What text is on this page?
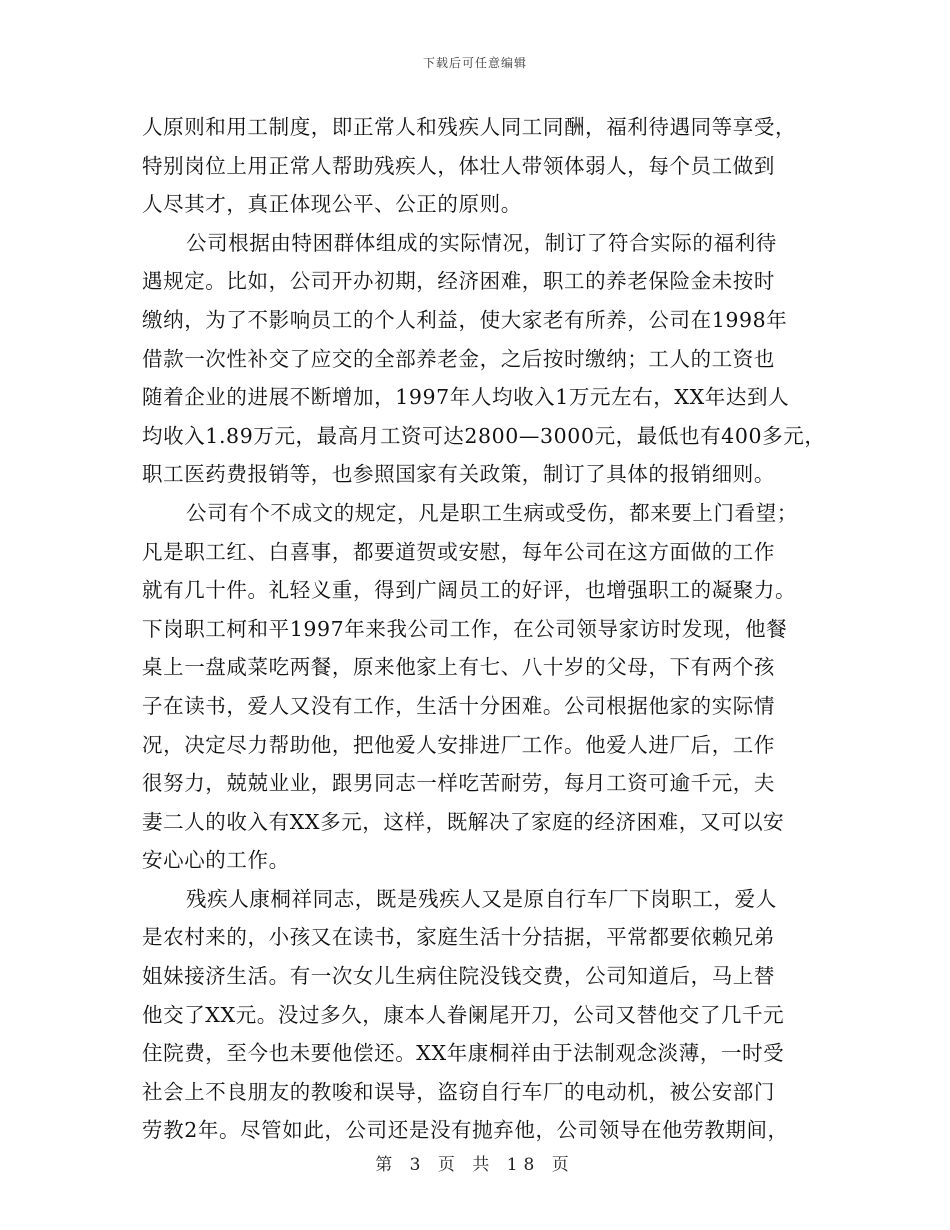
下载后可任意编辑
人原则和用工制度，即正常人和残疾人同工同酬，福利待遇同等享受，
特别岗位上用正常人帮助残疾人，体壮人带领体弱人，每个员工做到
人尽其才，真正体现公平、公正的原则。
公司根据由特困群体组成的实际情况，制订了符合实际的福利待
遇规定。比如，公司开办初期，经济困难，职工的养老保险金未按时
缴纳，为了不影响员工的个人利益，使大家老有所养，公司在1998年
借款一次性补交了应交的全部养老金，之后按时缴纳；工人的工资也
随着企业的进展不断增加，1997年人均收入1万元左右，XX年达到人
均收入1.89万元，最高月工资可达2800—3000元，最低也有400多元，
职工医药费报销等，也参照国家有关政策，制订了具体的报销细则。
公司有个不成文的规定，凡是职工生病或受伤，都来要上门看望；
凡是职工红、白喜事，都要道贺或安慰，每年公司在这方面做的工作
就有几十件。礼轻义重，得到广阔员工的好评，也增强职工的凝聚力。
下岗职工柯和平1997年来我公司工作，在公司领导家访时发现，他餐
桌上一盘咸菜吃两餐，原来他家上有七、八十岁的父母，下有两个孩
子在读书，爱人又没有工作，生活十分困难。公司根据他家的实际情
况，决定尽力帮助他，把他爱人安排进厂工作。他爱人进厂后，工作
很努力，兢兢业业，跟男同志一样吃苦耐劳，每月工资可逾千元，夫
妻二人的收入有XX多元，这样，既解决了家庭的经济困难，又可以安
安心心的工作。
残疾人康桐祥同志，既是残疾人又是原自行车厂下岗职工，爱人
是农村来的，小孩又在读书，家庭生活十分拮据，平常都要依赖兄弟
姐妹接济生活。有一次女儿生病住院没钱交费，公司知道后，马上替
他交了XX元。没过多久，康本人眷阑尾开刀，公司又替他交了几千元
住院费，至今也未要他偿还。XX年康桐祥由于法制观念淡薄，一时受
社会上不良朋友的教唆和误导，盗窃自行车厂的电动机，被公安部门
劳教2年。尽管如此，公司还是没有抛弃他，公司领导在他劳教期间，
第 3 页 共 18 页
